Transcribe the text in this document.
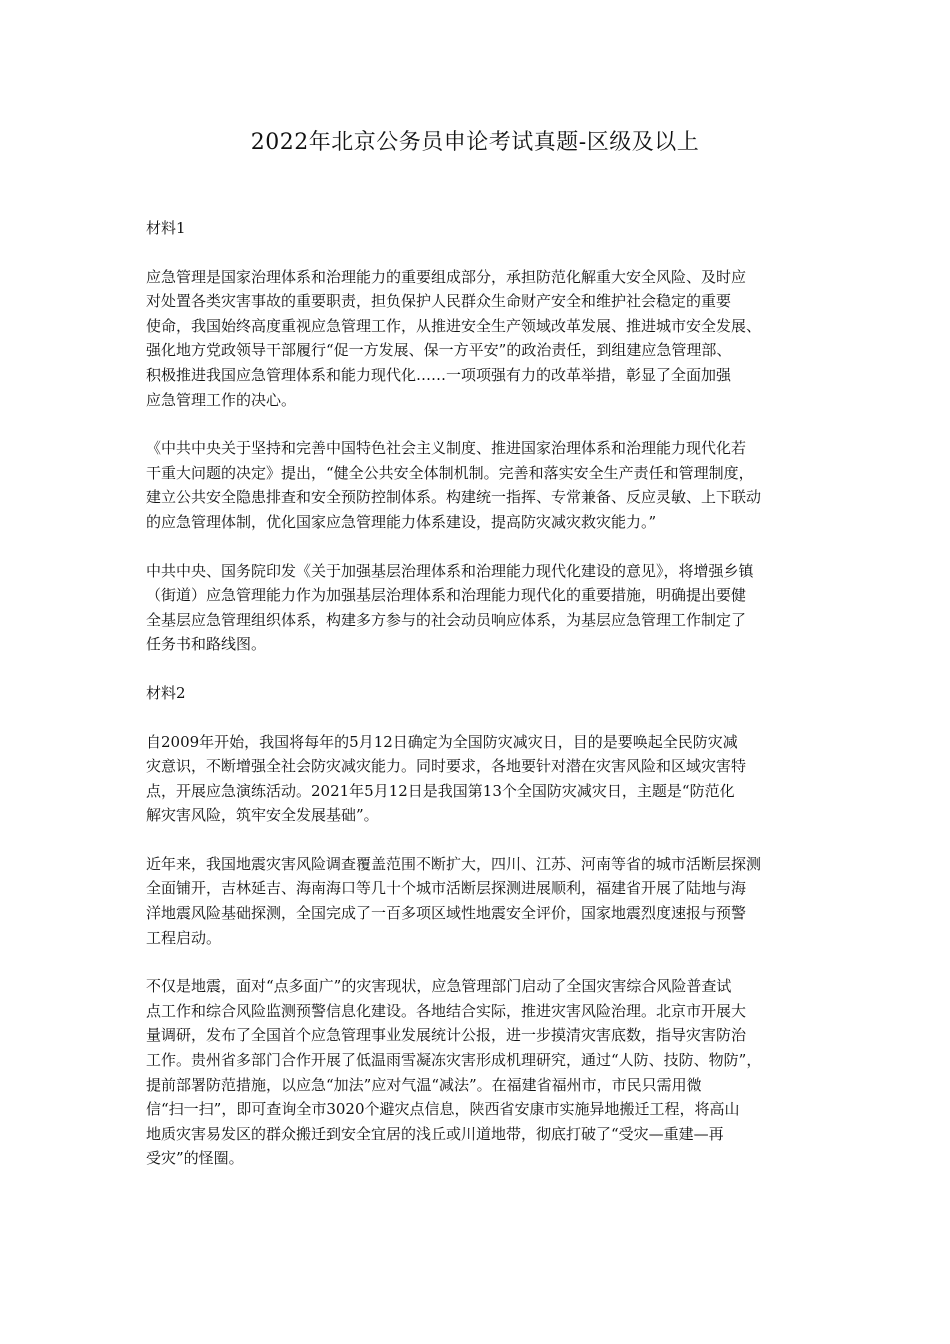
2022年北京公务员申论考试真题-区级及以上
材料1
应急管理是国家治理体系和治理能力的重要组成部分，承担防范化解重大安全风险、及时应
对处置各类灾害事故的重要职责，担负保护人民群众生命财产安全和维护社会稳定的重要
使命，我国始终高度重视应急管理工作，从推进安全生产领域改革发展、推进城市安全发展、
强化地方党政领导干部履行“促一方发展、保一方平安”的政治责任，到组建应急管理部、
积极推进我国应急管理体系和能力现代化……一项项强有力的改革举措，彰显了全面加强
应急管理工作的决心。
《中共中央关于坚持和完善中国特色社会主义制度、推进国家治理体系和治理能力现代化若
干重大问题的决定》提出，“健全公共安全体制机制。完善和落实安全生产责任和管理制度，
建立公共安全隐患排查和安全预防控制体系。构建统一指挥、专常兼备、反应灵敏、上下联动
的应急管理体制，优化国家应急管理能力体系建设，提高防灾减灾救灾能力。”
中共中央、国务院印发《关于加强基层治理体系和治理能力现代化建设的意见》，将增强乡镇
（街道）应急管理能力作为加强基层治理体系和治理能力现代化的重要措施，明确提出要健
全基层应急管理组织体系，构建多方参与的社会动员响应体系，为基层应急管理工作制定了
任务书和路线图。
材料2
自2009年开始，我国将每年的5月12日确定为全国防灾减灾日，目的是要唤起全民防灾减
灾意识，不断增强全社会防灾减灾能力。同时要求，各地要针对潜在灾害风险和区域灾害特
点，开展应急演练活动。2021年5月12日是我国第13个全国防灾减灾日，主题是“防范化
解灾害风险，筑牢安全发展基础”。
近年来，我国地震灾害风险调查覆盖范围不断扩大，四川、江苏、河南等省的城市活断层探测
全面铺开，吉林延吉、海南海口等几十个城市活断层探测进展顺利，福建省开展了陆地与海
洋地震风险基础探测，全国完成了一百多项区域性地震安全评价，国家地震烈度速报与预警
工程启动。
不仅是地震，面对“点多面广”的灾害现状，应急管理部门启动了全国灾害综合风险普查试
点工作和综合风险监测预警信息化建设。各地结合实际，推进灾害风险治理。北京市开展大
量调研，发布了全国首个应急管理事业发展统计公报，进一步摸清灾害底数，指导灾害防治
工作。贵州省多部门合作开展了低温雨雪凝冻灾害形成机理研究，通过“人防、技防、物防”，
提前部署防范措施，以应急“加法”应对气温“减法”。在福建省福州市，市民只需用微
信“扫一扫”，即可查询全市3020个避灾点信息，陕西省安康市实施异地搬迁工程，将高山
地质灾害易发区的群众搬迁到安全宜居的浅丘或川道地带，彻底打破了“受灾—重建—再
受灾”的怪圈。
